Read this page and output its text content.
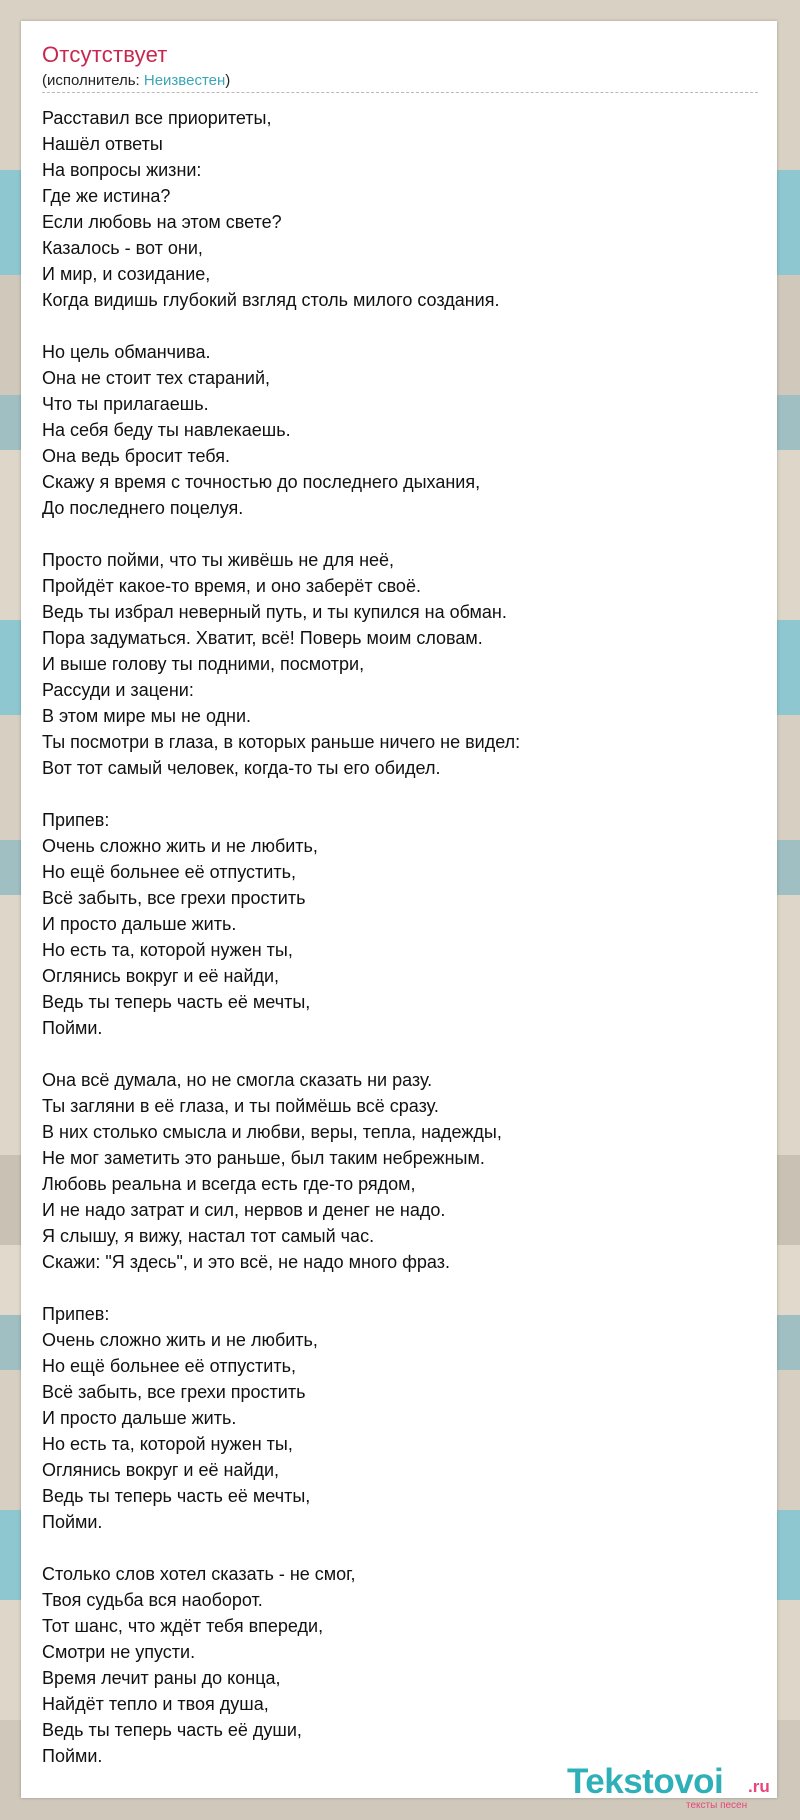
Отсутствует
(исполнитель: Неизвестен)
Расставил все приоритеты,
Нашёл ответы
На вопросы жизни:
Где же истина?
Если любовь на этом свете?
Казалось - вот они,
И мир, и созидание,
Когда видишь глубокий взгляд столь милого создания.
Но цель обманчива.
Она не стоит тех стараний,
Что ты прилагаешь.
На себя беду ты навлекаешь.
Она ведь бросит тебя.
Скажу я время с точностью до последнего дыхания,
До последнего поцелуя.
Просто пойми, что ты живёшь не для неё,
Пройдёт какое-то время, и оно заберёт своё.
Ведь ты избрал неверный путь, и ты купился на обман.
Пора задуматься. Хватит, всё! Поверь моим словам.
И выше голову ты подними, посмотри,
Рассуди и зацени:
В этом мире мы не одни.
Ты посмотри в глаза, в которых раньше ничего не видел:
Вот тот самый человек, когда-то ты его обидел.
Припев:
Очень сложно жить и не любить,
Но ещё больнее её отпустить,
Всё забыть, все грехи простить
И просто дальше жить.
Но есть та, которой нужен ты,
Оглянись вокруг и её найди,
Ведь ты теперь часть её мечты,
Пойми.
Она всё думала, но не смогла сказать ни разу.
Ты загляни в её глаза, и ты поймёшь всё сразу.
В них столько смысла и любви, веры, тепла, надежды,
Не мог заметить это раньше, был таким небрежным.
Любовь реальна и всегда есть где-то рядом,
И не надо затрат и сил, нервов и денег не надо.
Я слышу, я вижу, настал тот самый час.
Скажи: "Я здесь", и это всё, не надо много фраз.
Припев:
Очень сложно жить и не любить,
Но ещё больнее её отпустить,
Всё забыть, все грехи простить
И просто дальше жить.
Но есть та, которой нужен ты,
Оглянись вокруг и её найди,
Ведь ты теперь часть её мечты,
Пойми.
Столько слов хотел сказать - не смог,
Твоя судьба вся наоборот.
Тот шанс, что ждёт тебя впереди,
Смотри не упусти.
Время лечит раны до конца,
Найдёт тепло и твоя душа,
Ведь ты теперь часть её души,
Пойми.
Tekstovoi .ru
тексты песен
